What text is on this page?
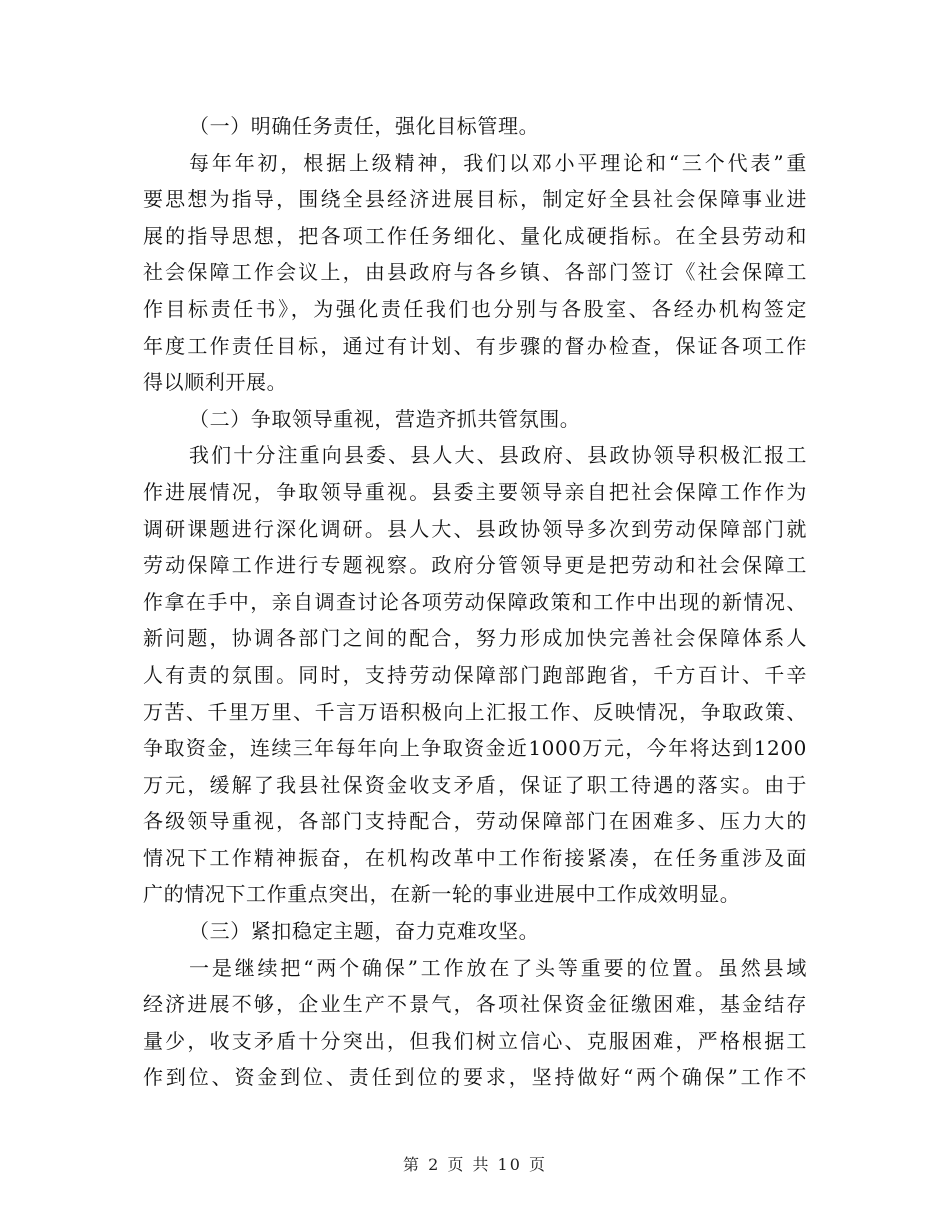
（一）明确任务责任，强化目标管理。
每年年初，根据上级精神，我们以邓小平理论和“三个代表”重
要思想为指导，围绕全县经济进展目标，制定好全县社会保障事业进
展的指导思想，把各项工作任务细化、量化成硬指标。在全县劳动和
社会保障工作会议上，由县政府与各乡镇、各部门签订《社会保障工
作目标责任书》，为强化责任我们也分别与各股室、各经办机构签定
年度工作责任目标，通过有计划、有步骤的督办检查，保证各项工作
得以顺利开展。
（二）争取领导重视，营造齐抓共管氛围。
我们十分注重向县委、县人大、县政府、县政协领导积极汇报工
作进展情况，争取领导重视。县委主要领导亲自把社会保障工作作为
调研课题进行深化调研。县人大、县政协领导多次到劳动保障部门就
劳动保障工作进行专题视察。政府分管领导更是把劳动和社会保障工
作拿在手中，亲自调查讨论各项劳动保障政策和工作中出现的新情况、
新问题，协调各部门之间的配合，努力形成加快完善社会保障体系人
人有责的氛围。同时，支持劳动保障部门跑部跑省，千方百计、千辛
万苦、千里万里、千言万语积极向上汇报工作、反映情况，争取政策、
争取资金，连续三年每年向上争取资金近1000万元，今年将达到1200
万元，缓解了我县社保资金收支矛盾，保证了职工待遇的落实。由于
各级领导重视，各部门支持配合，劳动保障部门在困难多、压力大的
情况下工作精神振奋，在机构改革中工作衔接紧凑，在任务重涉及面
广的情况下工作重点突出，在新一轮的事业进展中工作成效明显。
（三）紧扣稳定主题，奋力克难攻坚。
一是继续把“两个确保”工作放在了头等重要的位置。虽然县域
经济进展不够，企业生产不景气，各项社保资金征缴困难，基金结存
量少，收支矛盾十分突出，但我们树立信心、克服困难，严格根据工
作到位、资金到位、责任到位的要求，坚持做好“两个确保”工作不
第 2 页 共 10 页
